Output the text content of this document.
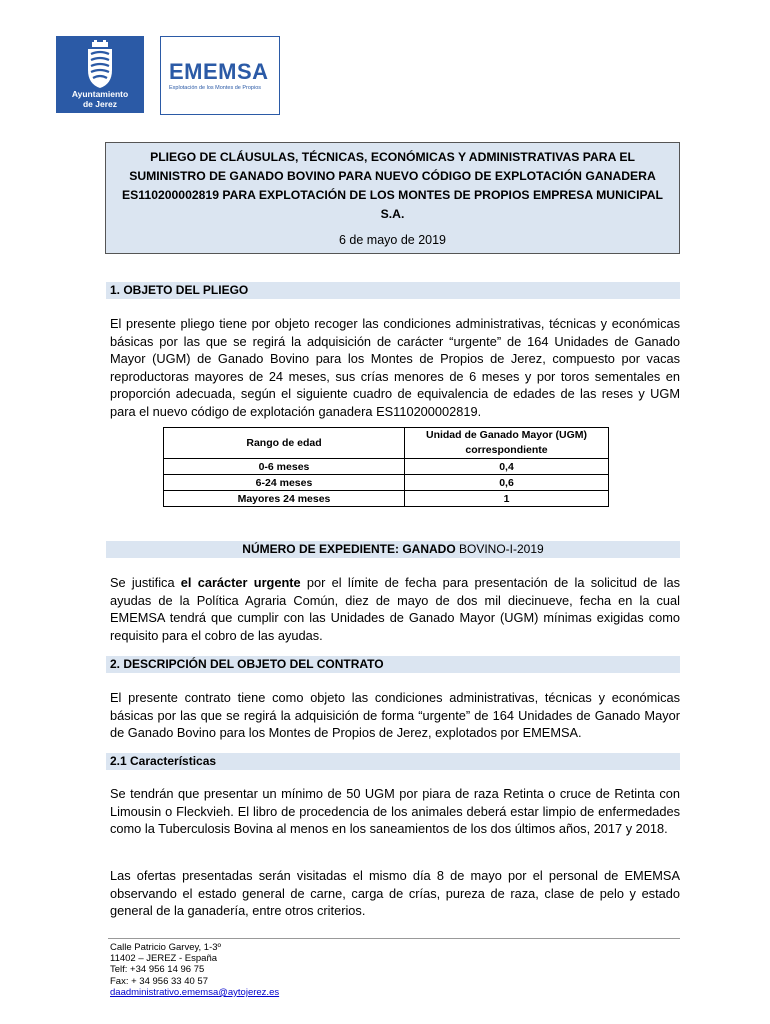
Ayuntamiento
de Jerez
EMEMSA
Explotación de los Montes de Propios
PLIEGO DE CLÁUSULAS, TÉCNICAS, ECONÓMICAS Y ADMINISTRATIVAS PARA EL
SUMINISTRO DE GANADO BOVINO PARA NUEVO CÓDIGO DE EXPLOTACIÓN GANADERA
ES110200002819 PARA EXPLOTACIÓN DE LOS MONTES DE PROPIOS EMPRESA MUNICIPAL
S.A.
6 de mayo de 2019
1. OBJETO DEL PLIEGO
El presente pliego tiene por objeto recoger las condiciones administrativas, técnicas y económicas básicas por las que se regirá la adquisición de carácter “urgente” de 164 Unidades de Ganado Mayor (UGM) de Ganado Bovino para los Montes de Propios de Jerez, compuesto por vacas reproductoras mayores de 24 meses, sus crías menores de 6 meses y por toros sementales en proporción adecuada, según el siguiente cuadro de equivalencia de edades de las reses y UGM para el nuevo código de explotación ganadera ES110200002819.
Rango de edad	Unidad de Ganado Mayor (UGM) correspondiente
0-6 meses	0,4
6-24 meses	0,6
Mayores 24 meses	1
NÚMERO DE EXPEDIENTE: GANADO BOVINO-I-2019
Se justifica el carácter urgente por el límite de fecha para presentación de la solicitud de las ayudas de la Política Agraria Común, diez de mayo de dos mil diecinueve, fecha en la cual EMEMSA tendrá que cumplir con las Unidades de Ganado Mayor (UGM) mínimas exigidas como requisito para el cobro de las ayudas.
2. DESCRIPCIÓN DEL OBJETO DEL CONTRATO
El presente contrato tiene como objeto las condiciones administrativas, técnicas y económicas básicas por las que se regirá la adquisición de forma “urgente” de 164 Unidades de Ganado Mayor de Ganado Bovino para los Montes de Propios de Jerez, explotados por EMEMSA.
2.1 Características
Se tendrán que presentar un mínimo de 50 UGM por piara de raza Retinta o cruce de Retinta con Limousin o Fleckvieh. El libro de procedencia de los animales deberá estar limpio de enfermedades como la Tuberculosis Bovina al menos en los saneamientos de los dos últimos años, 2017 y 2018.
Las ofertas presentadas serán visitadas el mismo día 8 de mayo por el personal de EMEMSA observando el estado general de carne, carga de crías, pureza de raza, clase de pelo y estado general de la ganadería, entre otros criterios.
Calle Patricio Garvey, 1-3º
11402 – JEREZ - España
Telf: +34 956 14 96 75
Fax: + 34 956 33 40 57
daadministrativo.ememsa@aytojerez.es
